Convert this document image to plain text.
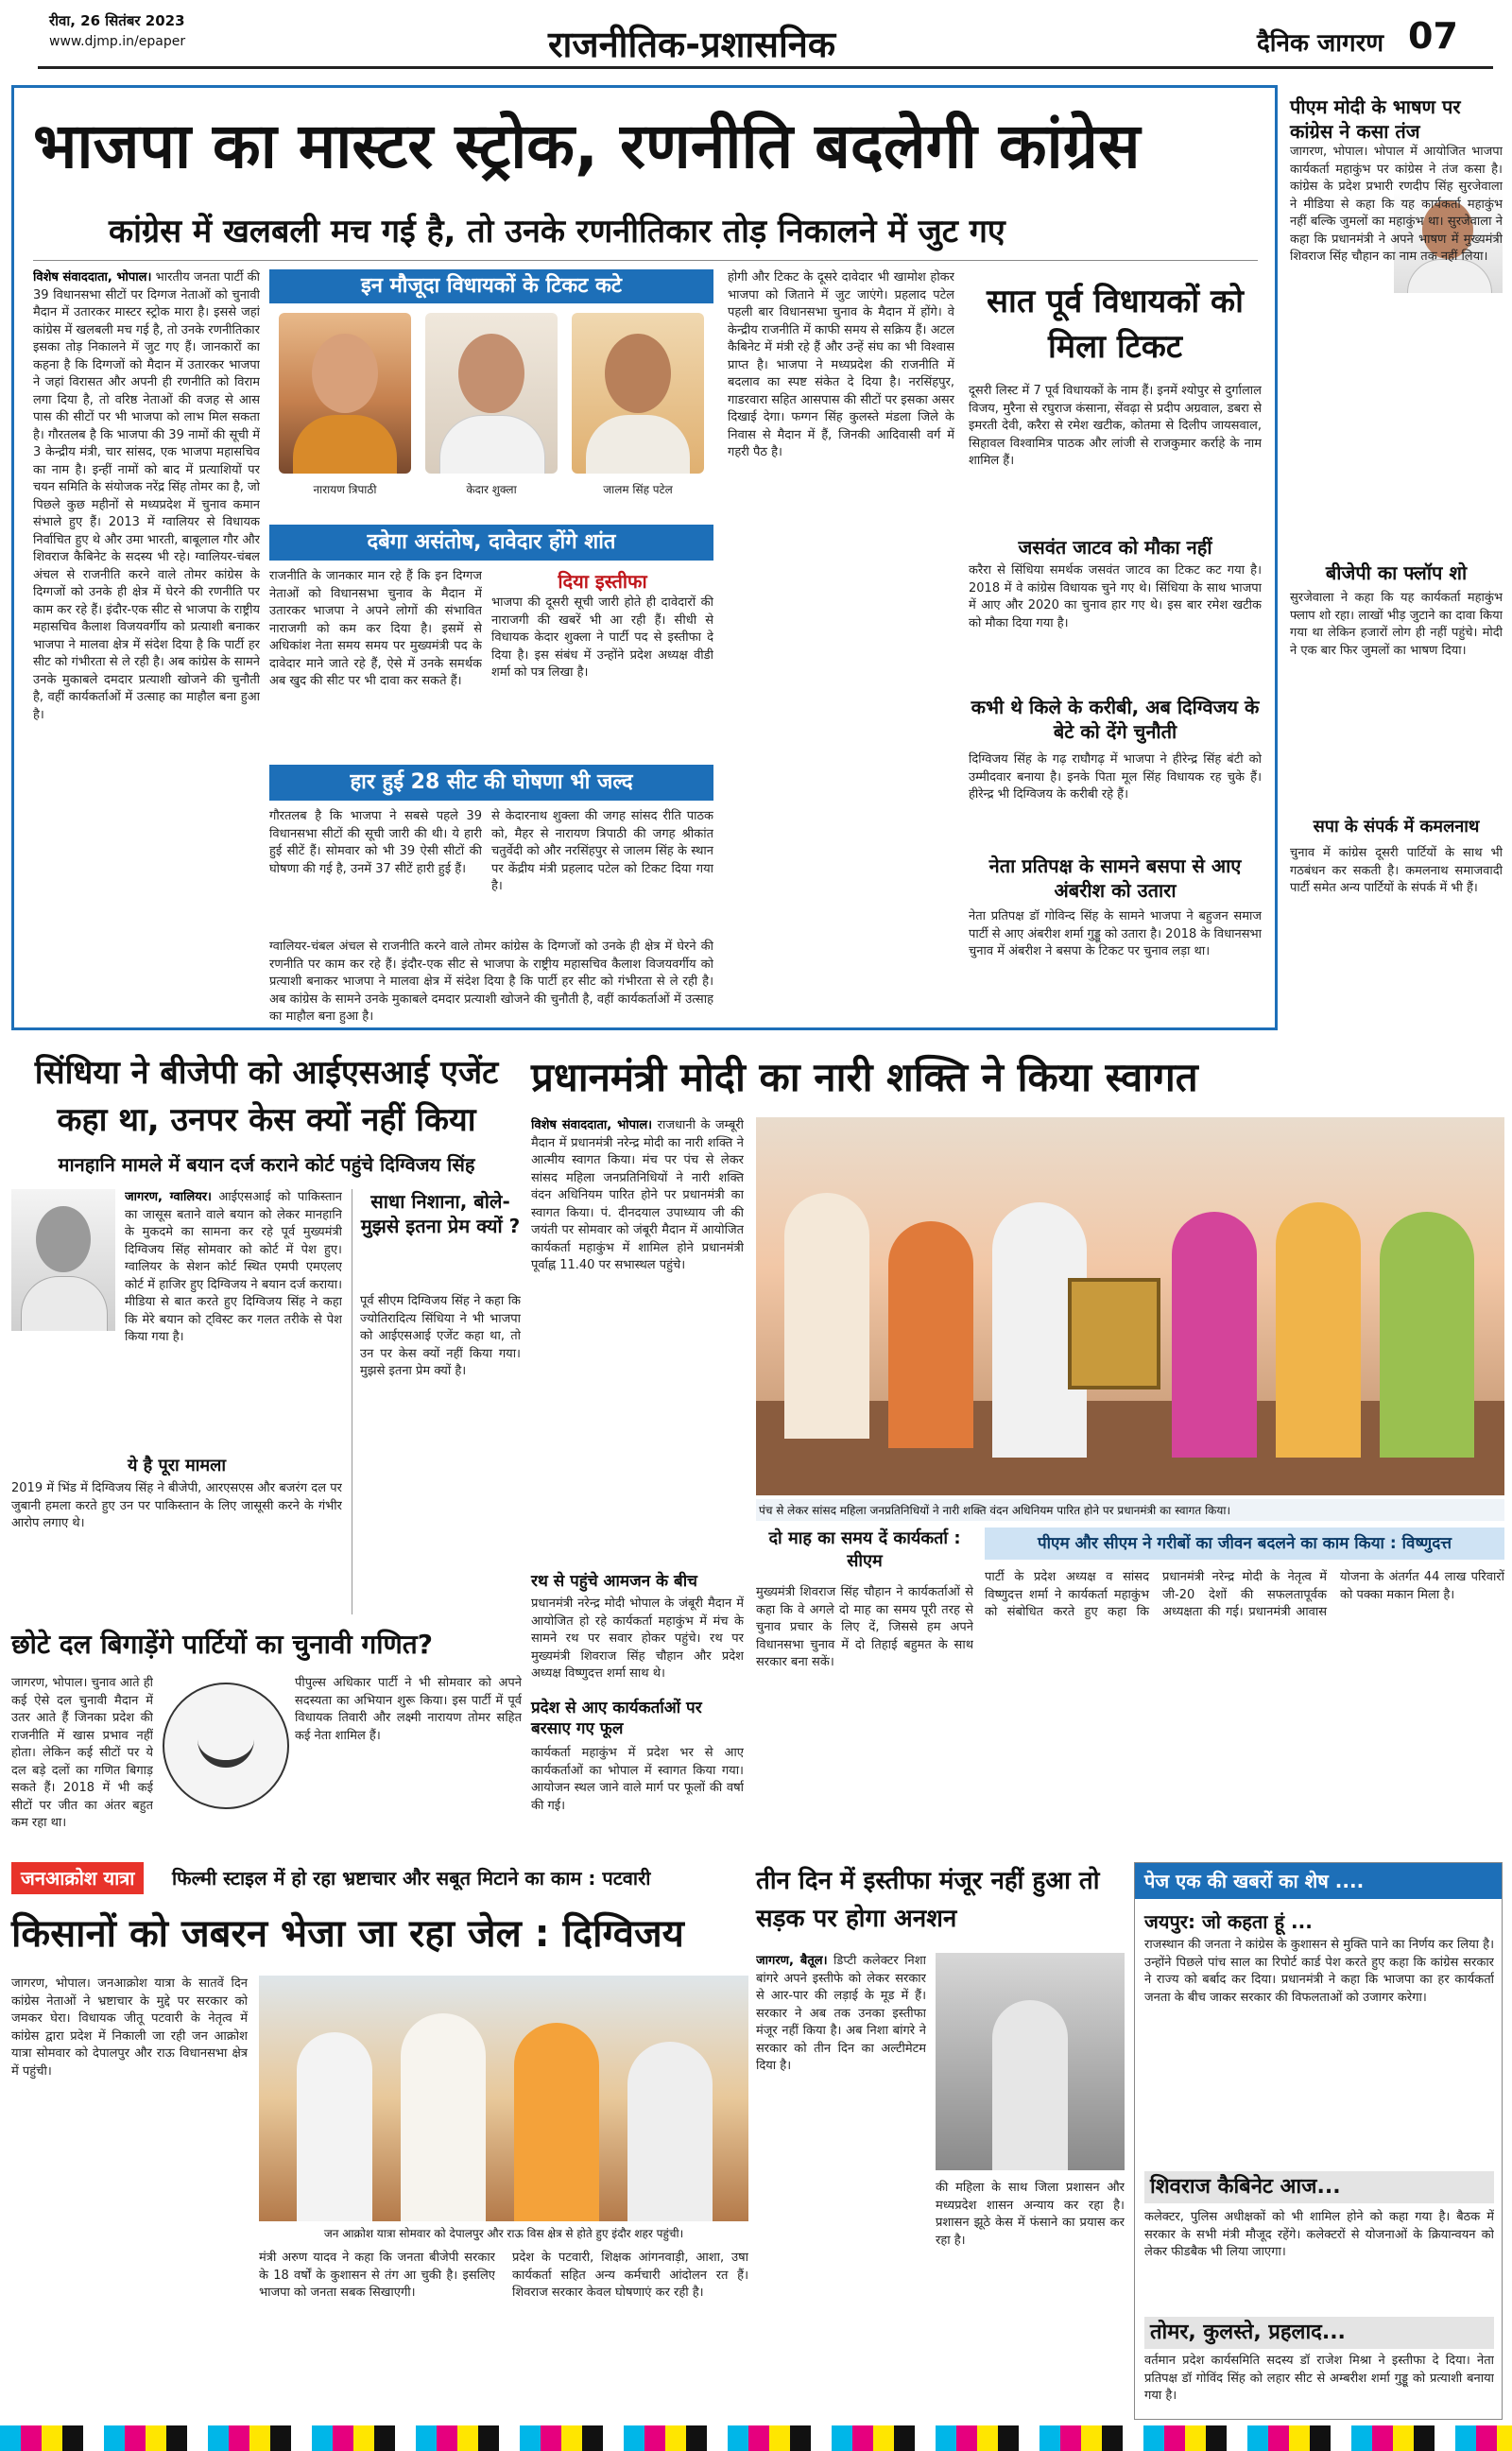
रीवा, 26 सितंबर 2023
www.djmp.in/epaper	राजनीतिक-प्रशासनिक	दैनिक जागरण 07
भाजपा का मास्टर स्ट्रोक, रणनीति बदलेगी कांग्रेस
कांग्रेस में खलबली मच गई है, तो उनके रणनीतिकार तोड़ निकालने में जुट गए
विशेष संवाददाता, भोपाल। भारतीय जनता पार्टी की 39 विधानसभा सीटों पर दिग्गज नेताओं को चुनावी मैदान में उतारकर मास्टर स्ट्रोक मारा है। इससे जहां कांग्रेस में खलबली मच गई है, तो उनके रणनीतिकार इसका तोड़ निकालने में जुट गए हैं। जानकारों का कहना है कि दिग्गजों को मैदान में उतारकर भाजपा ने जहां विरासत और अपनी ही रणनीति को विराम लगा दिया है, तो वरिष्ठ नेताओं की वजह से आस पास की सीटों पर भी भाजपा को लाभ मिल सकता है। गौरतलब है कि भाजपा की 39 नामों की सूची में 3 केन्द्रीय मंत्री, चार सांसद, एक भाजपा महासचिव का नाम है। इन्हीं नामों को बाद में प्रत्याशियों पर चयन समिति के संयोजक नरेंद्र सिंह तोमर का है, जो पिछले कुछ महीनों से मध्यप्रदेश में चुनाव कमान संभाले हुए हैं। 2013 में ग्वालियर से विधायक निर्वाचित हुए थे और उमा भारती, बाबूलाल गौर और शिवराज कैबिनेट के सदस्य भी रहे। ग्वालियर-चंबल अंचल से राजनीति करने वाले तोमर कांग्रेस के दिग्गजों को उनके ही क्षेत्र में घेरने की रणनीति पर काम कर रहे हैं। इंदौर-एक सीट से भाजपा के राष्ट्रीय महासचिव कैलाश विजयवर्गीय को प्रत्याशी बनाकर भाजपा ने मालवा क्षेत्र में संदेश दिया है कि पार्टी हर सीट को गंभीरता से ले रही है। अब कांग्रेस के सामने उनके मुकाबले दमदार प्रत्याशी खोजने की चुनौती है, वहीं कार्यकर्ताओं में उत्साह का माहौल बना हुआ है।
इन मौजूदा विधायकों के टिकट कटे
नारायण त्रिपाठी	केदार शुक्ला	जालम सिंह पटेल
दबेगा असंतोष, दावेदार होंगे शांत
राजनीति के जानकार मान रहे हैं कि इन दिग्गज नेताओं को विधानसभा चुनाव के मैदान में उतारकर भाजपा ने अपने लोगों की संभावित नाराजगी को कम कर दिया है। इसमें से अधिकांश नेता समय समय पर मुख्यमंत्री पद के दावेदार माने जाते रहे हैं, ऐसे में उनके समर्थक अब खुद की सीट पर भी दावा कर सकते हैं।
दिया इस्तीफा
भाजपा की दूसरी सूची जारी होते ही दावेदारों की नाराजगी की खबरें भी आ रही हैं। सीधी से विधायक केदार शुक्ला ने पार्टी पद से इस्तीफा दे दिया है। इस संबंध में उन्होंने प्रदेश अध्यक्ष वीडी शर्मा को पत्र लिखा है।
हार हुई 28 सीट की घोषणा भी जल्द
गौरतलब है कि भाजपा ने सबसे पहले 39 विधानसभा सीटों की सूची जारी की थी। ये हारी हुई सीटें हैं। सोमवार को भी 39 ऐसी सीटों की घोषणा की गई है, उनमें 37 सीटें हारी हुई हैं।
से केदारनाथ शुक्ला की जगह सांसद रीति पाठक को, मैहर से नारायण त्रिपाठी की जगह श्रीकांत चतुर्वेदी को और नरसिंहपुर से जालम सिंह के स्थान पर केंद्रीय मंत्री प्रहलाद पटेल को टिकट दिया गया है।
ग्वालियर-चंबल अंचल से राजनीति करने वाले तोमर कांग्रेस के दिग्गजों को उनके ही क्षेत्र में घेरने की रणनीति पर काम कर रहे हैं। इंदौर-एक सीट से भाजपा के राष्ट्रीय महासचिव कैलाश विजयवर्गीय को प्रत्याशी बनाकर भाजपा ने मालवा क्षेत्र में संदेश दिया है कि पार्टी हर सीट को गंभीरता से ले रही है। अब कांग्रेस के सामने उनके मुकाबले दमदार प्रत्याशी खोजने की चुनौती है, वहीं कार्यकर्ताओं में उत्साह का माहौल बना हुआ है।
होगी और टिकट के दूसरे दावेदार भी खामोश होकर भाजपा को जिताने में जुट जाएंगे। प्रहलाद पटेल पहली बार विधानसभा चुनाव के मैदान में होंगे। वे केन्द्रीय राजनीति में काफी समय से सक्रिय हैं। अटल कैबिनेट में मंत्री रहे हैं और उन्हें संघ का भी विश्वास प्राप्त है। भाजपा ने मध्यप्रदेश की राजनीति में बदलाव का स्पष्ट संकेत दे दिया है। नरसिंहपुर, गाडरवारा सहित आसपास की सीटों पर इसका असर दिखाई देगा। फग्गन सिंह कुलस्ते मंडला जिले के निवास से मैदान में हैं, जिनकी आदिवासी वर्ग में गहरी पैठ है।
सात पूर्व विधायकों को मिला टिकट
दूसरी लिस्ट में 7 पूर्व विधायकों के नाम हैं। इनमें श्योपुर से दुर्गालाल विजय, मुरैना से रघुराज कंसाना, सेंवढ़ा से प्रदीप अग्रवाल, डबरा से इमरती देवी, करैरा से रमेश खटीक, कोतमा से दिलीप जायसवाल, सिहावल विश्वामित्र पाठक और लांजी से राजकुमार कर्राहे के नाम शामिल हैं।
जसवंत जाटव को मौका नहीं
करैरा से सिंधिया समर्थक जसवंत जाटव का टिकट कट गया है। 2018 में वे कांग्रेस विधायक चुने गए थे। सिंधिया के साथ भाजपा में आए और 2020 का चुनाव हार गए थे। इस बार रमेश खटीक को मौका दिया गया है।
कभी थे किले के करीबी, अब दिग्विजय के बेटे को देंगे चुनौती
दिग्विजय सिंह के गढ़ राघौगढ़ में भाजपा ने हीरेन्द्र सिंह बंटी को उम्मीदवार बनाया है। इनके पिता मूल सिंह विधायक रह चुके हैं। हीरेन्द्र भी दिग्विजय के करीबी रहे हैं।
नेता प्रतिपक्ष के सामने बसपा से आए अंबरीश को उतारा
नेता प्रतिपक्ष डॉ गोविन्द सिंह के सामने भाजपा ने बहुजन समाज पार्टी से आए अंबरीश शर्मा गुड्डू को उतारा है। 2018 के विधानसभा चुनाव में अंबरीश ने बसपा के टिकट पर चुनाव लड़ा था।
पीएम मोदी के भाषण पर कांग्रेस ने कसा तंज
जागरण, भोपाल। भोपाल में आयोजित भाजपा कार्यकर्ता महाकुंभ पर कांग्रेस ने तंज कसा है। कांग्रेस के प्रदेश प्रभारी रणदीप सिंह सुरजेवाला ने मीडिया से कहा कि यह कार्यकर्ता महाकुंभ नहीं बल्कि जुमलों का महाकुंभ था। सुरजेवाला ने कहा कि प्रधानमंत्री ने अपने भाषण में मुख्यमंत्री शिवराज सिंह चौहान का नाम तक नहीं लिया।
बीजेपी का फ्लॉप शो
सुरजेवाला ने कहा कि यह कार्यकर्ता महाकुंभ फ्लाप शो रहा। लाखों भीड़ जुटाने का दावा किया गया था लेकिन हजारों लोग ही नहीं पहुंचे। मोदी ने एक बार फिर जुमलों का भाषण दिया।
सपा के संपर्क में कमलनाथ
चुनाव में कांग्रेस दूसरी पार्टियों के साथ भी गठबंधन कर सकती है। कमलनाथ समाजवादी पार्टी समेत अन्य पार्टियों के संपर्क में भी हैं।
सिंधिया ने बीजेपी को आईएसआई एजेंट कहा था, उनपर केस क्यों नहीं किया
मानहानि मामले में बयान दर्ज कराने कोर्ट पहुंचे दिग्विजय सिंह
जागरण, ग्वालियर। आईएसआई को पाकिस्तान का जासूस बताने वाले बयान को लेकर मानहानि के मुकदमे का सामना कर रहे पूर्व मुख्यमंत्री दिग्विजय सिंह सोमवार को कोर्ट में पेश हुए। ग्वालियर के सेशन कोर्ट स्थित एमपी एमएलए कोर्ट में हाजिर हुए दिग्विजय ने बयान दर्ज कराया। मीडिया से बात करते हुए दिग्विजय सिंह ने कहा कि मेरे बयान को ट्विस्ट कर गलत तरीके से पेश किया गया है।
साधा निशाना, बोले- मुझसे इतना प्रेम क्यों ?
पूर्व सीएम दिग्विजय सिंह ने कहा कि ज्योतिरादित्य सिंधिया ने भी भाजपा को आईएसआई एजेंट कहा था, तो उन पर केस क्यों नहीं किया गया। मुझसे इतना प्रेम क्यों है।
ये है पूरा मामला
2019 में भिंड में दिग्विजय सिंह ने बीजेपी, आरएसएस और बजरंग दल पर जुबानी हमला करते हुए उन पर पाकिस्तान के लिए जासूसी करने के गंभीर आरोप लगाए थे।
छोटे दल बिगाड़ेंगे पार्टियों का चुनावी गणित?
जागरण, भोपाल। चुनाव आते ही कई ऐसे दल चुनावी मैदान में उतर आते हैं जिनका प्रदेश की राजनीति में खास प्रभाव नहीं होता। लेकिन कई सीटों पर ये दल बड़े दलों का गणित बिगाड़ सकते हैं। 2018 में भी कई सीटों पर जीत का अंतर बहुत कम रहा था।
पीपुल्स अधिकार पार्टी ने भी सोमवार को अपने सदस्यता का अभियान शुरू किया। इस पार्टी में पूर्व विधायक तिवारी और लक्ष्मी नारायण तोमर सहित कई नेता शामिल हैं।
प्रधानमंत्री मोदी का नारी शक्ति ने किया स्वागत
विशेष संवाददाता, भोपाल। राजधानी के जम्बूरी मैदान में प्रधानमंत्री नरेन्द्र मोदी का नारी शक्ति ने आत्मीय स्वागत किया। मंच पर पंच से लेकर सांसद महिला जनप्रतिनिधियों ने नारी शक्ति वंदन अधिनियम पारित होने पर प्रधानमंत्री का स्वागत किया। पं. दीनदयाल उपाध्याय जी की जयंती पर सोमवार को जंबूरी मैदान में आयोजित कार्यकर्ता महाकुंभ में शामिल होने प्रधानमंत्री पूर्वाह्न 11.40 पर सभास्थल पहुंचे।
रथ से पहुंचे आमजन के बीच
प्रधानमंत्री नरेन्द्र मोदी भोपाल के जंबूरी मैदान में आयोजित हो रहे कार्यकर्ता महाकुंभ में मंच के सामने रथ पर सवार होकर पहुंचे। रथ पर मुख्यमंत्री शिवराज सिंह चौहान और प्रदेश अध्यक्ष विष्णुदत्त शर्मा साथ थे।
प्रदेश से आए कार्यकर्ताओं पर बरसाए गए फूल
कार्यकर्ता महाकुंभ में प्रदेश भर से आए कार्यकर्ताओं का भोपाल में स्वागत किया गया। आयोजन स्थल जाने वाले मार्ग पर फूलों की वर्षा की गई।
पंच से लेकर सांसद महिला जनप्रतिनिधियों ने नारी शक्ति वंदन अधिनियम पारित होने पर प्रधानमंत्री का स्वागत किया।
दो माह का समय दें कार्यकर्ता : सीएम
मुख्यमंत्री शिवराज सिंह चौहान ने कार्यकर्ताओं से कहा कि वे अगले दो माह का समय पूरी तरह से चुनाव प्रचार के लिए दें, जिससे हम अपने विधानसभा चुनाव में दो तिहाई बहुमत के साथ सरकार बना सकें।
पीएम और सीएम ने गरीबों का जीवन बदलने का काम किया : विष्णुदत्त
पार्टी के प्रदेश अध्यक्ष व सांसद विष्णुदत्त शर्मा ने कार्यकर्ता महाकुंभ को संबोधित करते हुए कहा कि प्रधानमंत्री नरेन्द्र मोदी के नेतृत्व में जी-20 देशों की सफलतापूर्वक अध्यक्षता की गई। प्रधानमंत्री आवास योजना के अंतर्गत 44 लाख परिवारों को पक्का मकान मिला है।
जनआक्रोश यात्रा	फिल्मी स्टाइल में हो रहा भ्रष्टाचार और सबूत मिटाने का काम : पटवारी
किसानों को जबरन भेजा जा रहा जेल : दिग्विजय
जागरण, भोपाल। जनआक्रोश यात्रा के सातवें दिन कांग्रेस नेताओं ने भ्रष्टाचार के मुद्दे पर सरकार को जमकर घेरा। विधायक जीतू पटवारी के नेतृत्व में कांग्रेस द्वारा प्रदेश में निकाली जा रही जन आक्रोश यात्रा सोमवार को देपालपुर और राऊ विधानसभा क्षेत्र में पहुंची।
जन आक्रोश यात्रा सोमवार को देपालपुर और राऊ विस क्षेत्र से होते हुए इंदौर शहर पहुंची।
मंत्री अरुण यादव ने कहा कि जनता बीजेपी सरकार के 18 वर्षों के कुशासन से तंग आ चुकी है। इसलिए भाजपा को जनता सबक सिखाएगी।
प्रदेश के पटवारी, शिक्षक आंगनवाड़ी, आशा, उषा कार्यकर्ता सहित अन्य कर्मचारी आंदोलन रत हैं। शिवराज सरकार केवल घोषणाएं कर रही है।
तीन दिन में इस्तीफा मंजूर नहीं हुआ तो सड़क पर होगा अनशन
जागरण, बैतूल। डिप्टी कलेक्टर निशा बांगरे अपने इस्तीफे को लेकर सरकार से आर-पार की लड़ाई के मूड में हैं। सरकार ने अब तक उनका इस्तीफा मंजूर नहीं किया है। अब निशा बांगरे ने सरकार को तीन दिन का अल्टीमेटम दिया है।
की महिला के साथ जिला प्रशासन और मध्यप्रदेश शासन अन्याय कर रहा है। प्रशासन झूठे केस में फंसाने का प्रयास कर रहा है।
पेज एक की खबरों का शेष ....
जयपुर: जो कहता हूं ...
राजस्थान की जनता ने कांग्रेस के कुशासन से मुक्ति पाने का निर्णय कर लिया है। उन्होंने पिछले पांच साल का रिपोर्ट कार्ड पेश करते हुए कहा कि कांग्रेस सरकार ने राज्य को बर्बाद कर दिया। प्रधानमंत्री ने कहा कि भाजपा का हर कार्यकर्ता जनता के बीच जाकर सरकार की विफलताओं को उजागर करेगा।
शिवराज कैबिनेट आज...
कलेक्टर, पुलिस अधीक्षकों को भी शामिल होने को कहा गया है। बैठक में सरकार के सभी मंत्री मौजूद रहेंगे। कलेक्टरों से योजनाओं के क्रियान्वयन को लेकर फीडबैक भी लिया जाएगा।
तोमर, कुलस्ते, प्रहलाद...
वर्तमान प्रदेश कार्यसमिति सदस्य डॉ राजेश मिश्रा ने इस्तीफा दे दिया। नेता प्रतिपक्ष डॉ गोविंद सिंह को लहार सीट से अम्बरीश शर्मा गुड्डू को प्रत्याशी बनाया गया है।
